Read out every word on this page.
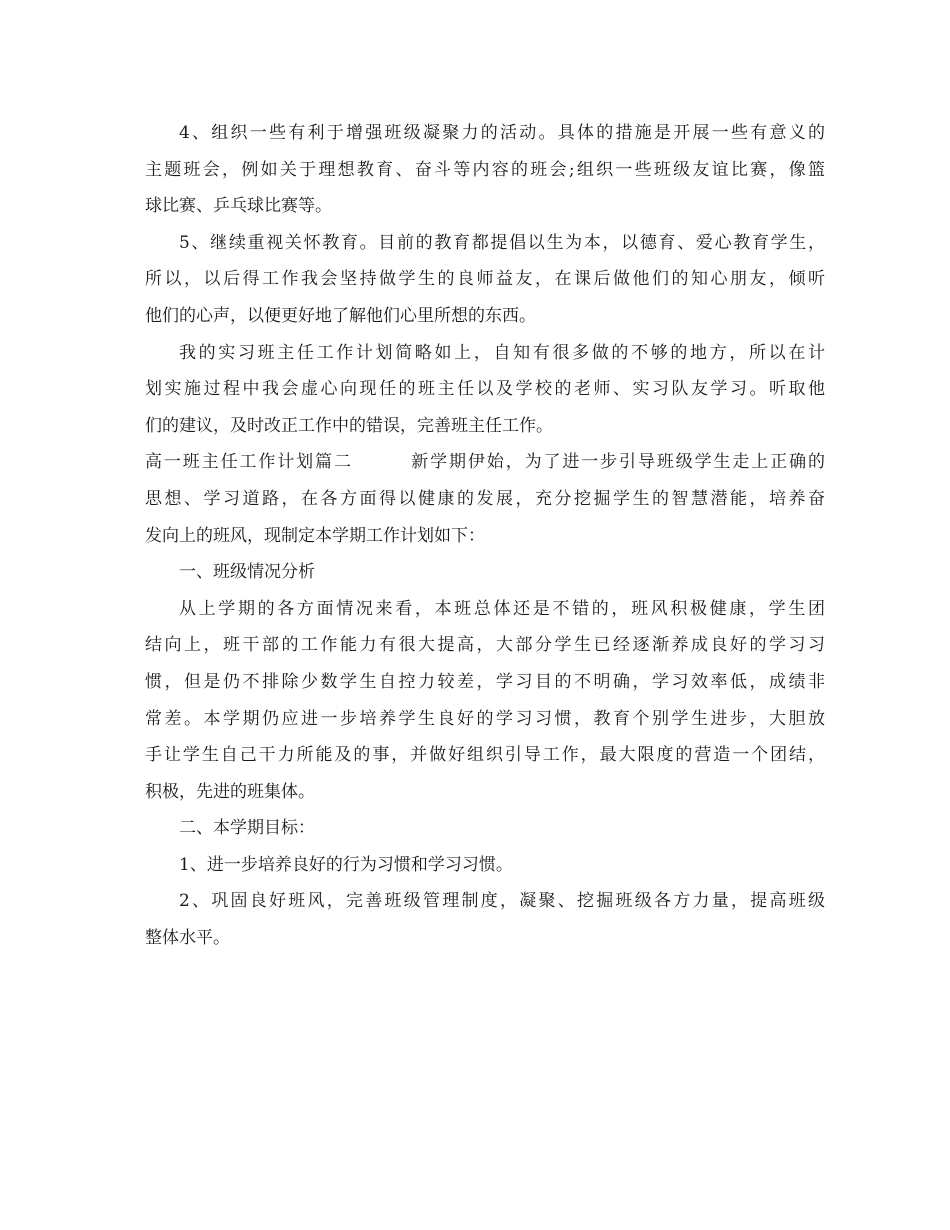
4、组织一些有利于增强班级凝聚力的活动。具体的措施是开展一些有意义的
主题班会，例如关于理想教育、奋斗等内容的班会;组织一些班级友谊比赛，像篮
球比赛、乒乓球比赛等。
5、继续重视关怀教育。目前的教育都提倡以生为本，以德育、爱心教育学生，
所以，以后得工作我会坚持做学生的良师益友，在课后做他们的知心朋友，倾听
他们的心声，以便更好地了解他们心里所想的东西。
我的实习班主任工作计划简略如上，自知有很多做的不够的地方，所以在计
划实施过程中我会虚心向现任的班主任以及学校的老师、实习队友学习。听取他
们的建议，及时改正工作中的错误，完善班主任工作。
高一班主任工作计划篇二        新学期伊始，为了进一步引导班级学生走上正确的
思想、学习道路，在各方面得以健康的发展，充分挖掘学生的智慧潜能，培养奋
发向上的班风，现制定本学期工作计划如下：
一、班级情况分析
从上学期的各方面情况来看，本班总体还是不错的，班风积极健康，学生团
结向上，班干部的工作能力有很大提高，大部分学生已经逐渐养成良好的学习习
惯，但是仍不排除少数学生自控力较差，学习目的不明确，学习效率低，成绩非
常差。本学期仍应进一步培养学生良好的学习习惯，教育个别学生进步，大胆放
手让学生自己干力所能及的事，并做好组织引导工作，最大限度的营造一个团结，
积极，先进的班集体。
二、本学期目标：
1、进一步培养良好的行为习惯和学习习惯。
2、巩固良好班风，完善班级管理制度，凝聚、挖掘班级各方力量，提高班级
整体水平。
